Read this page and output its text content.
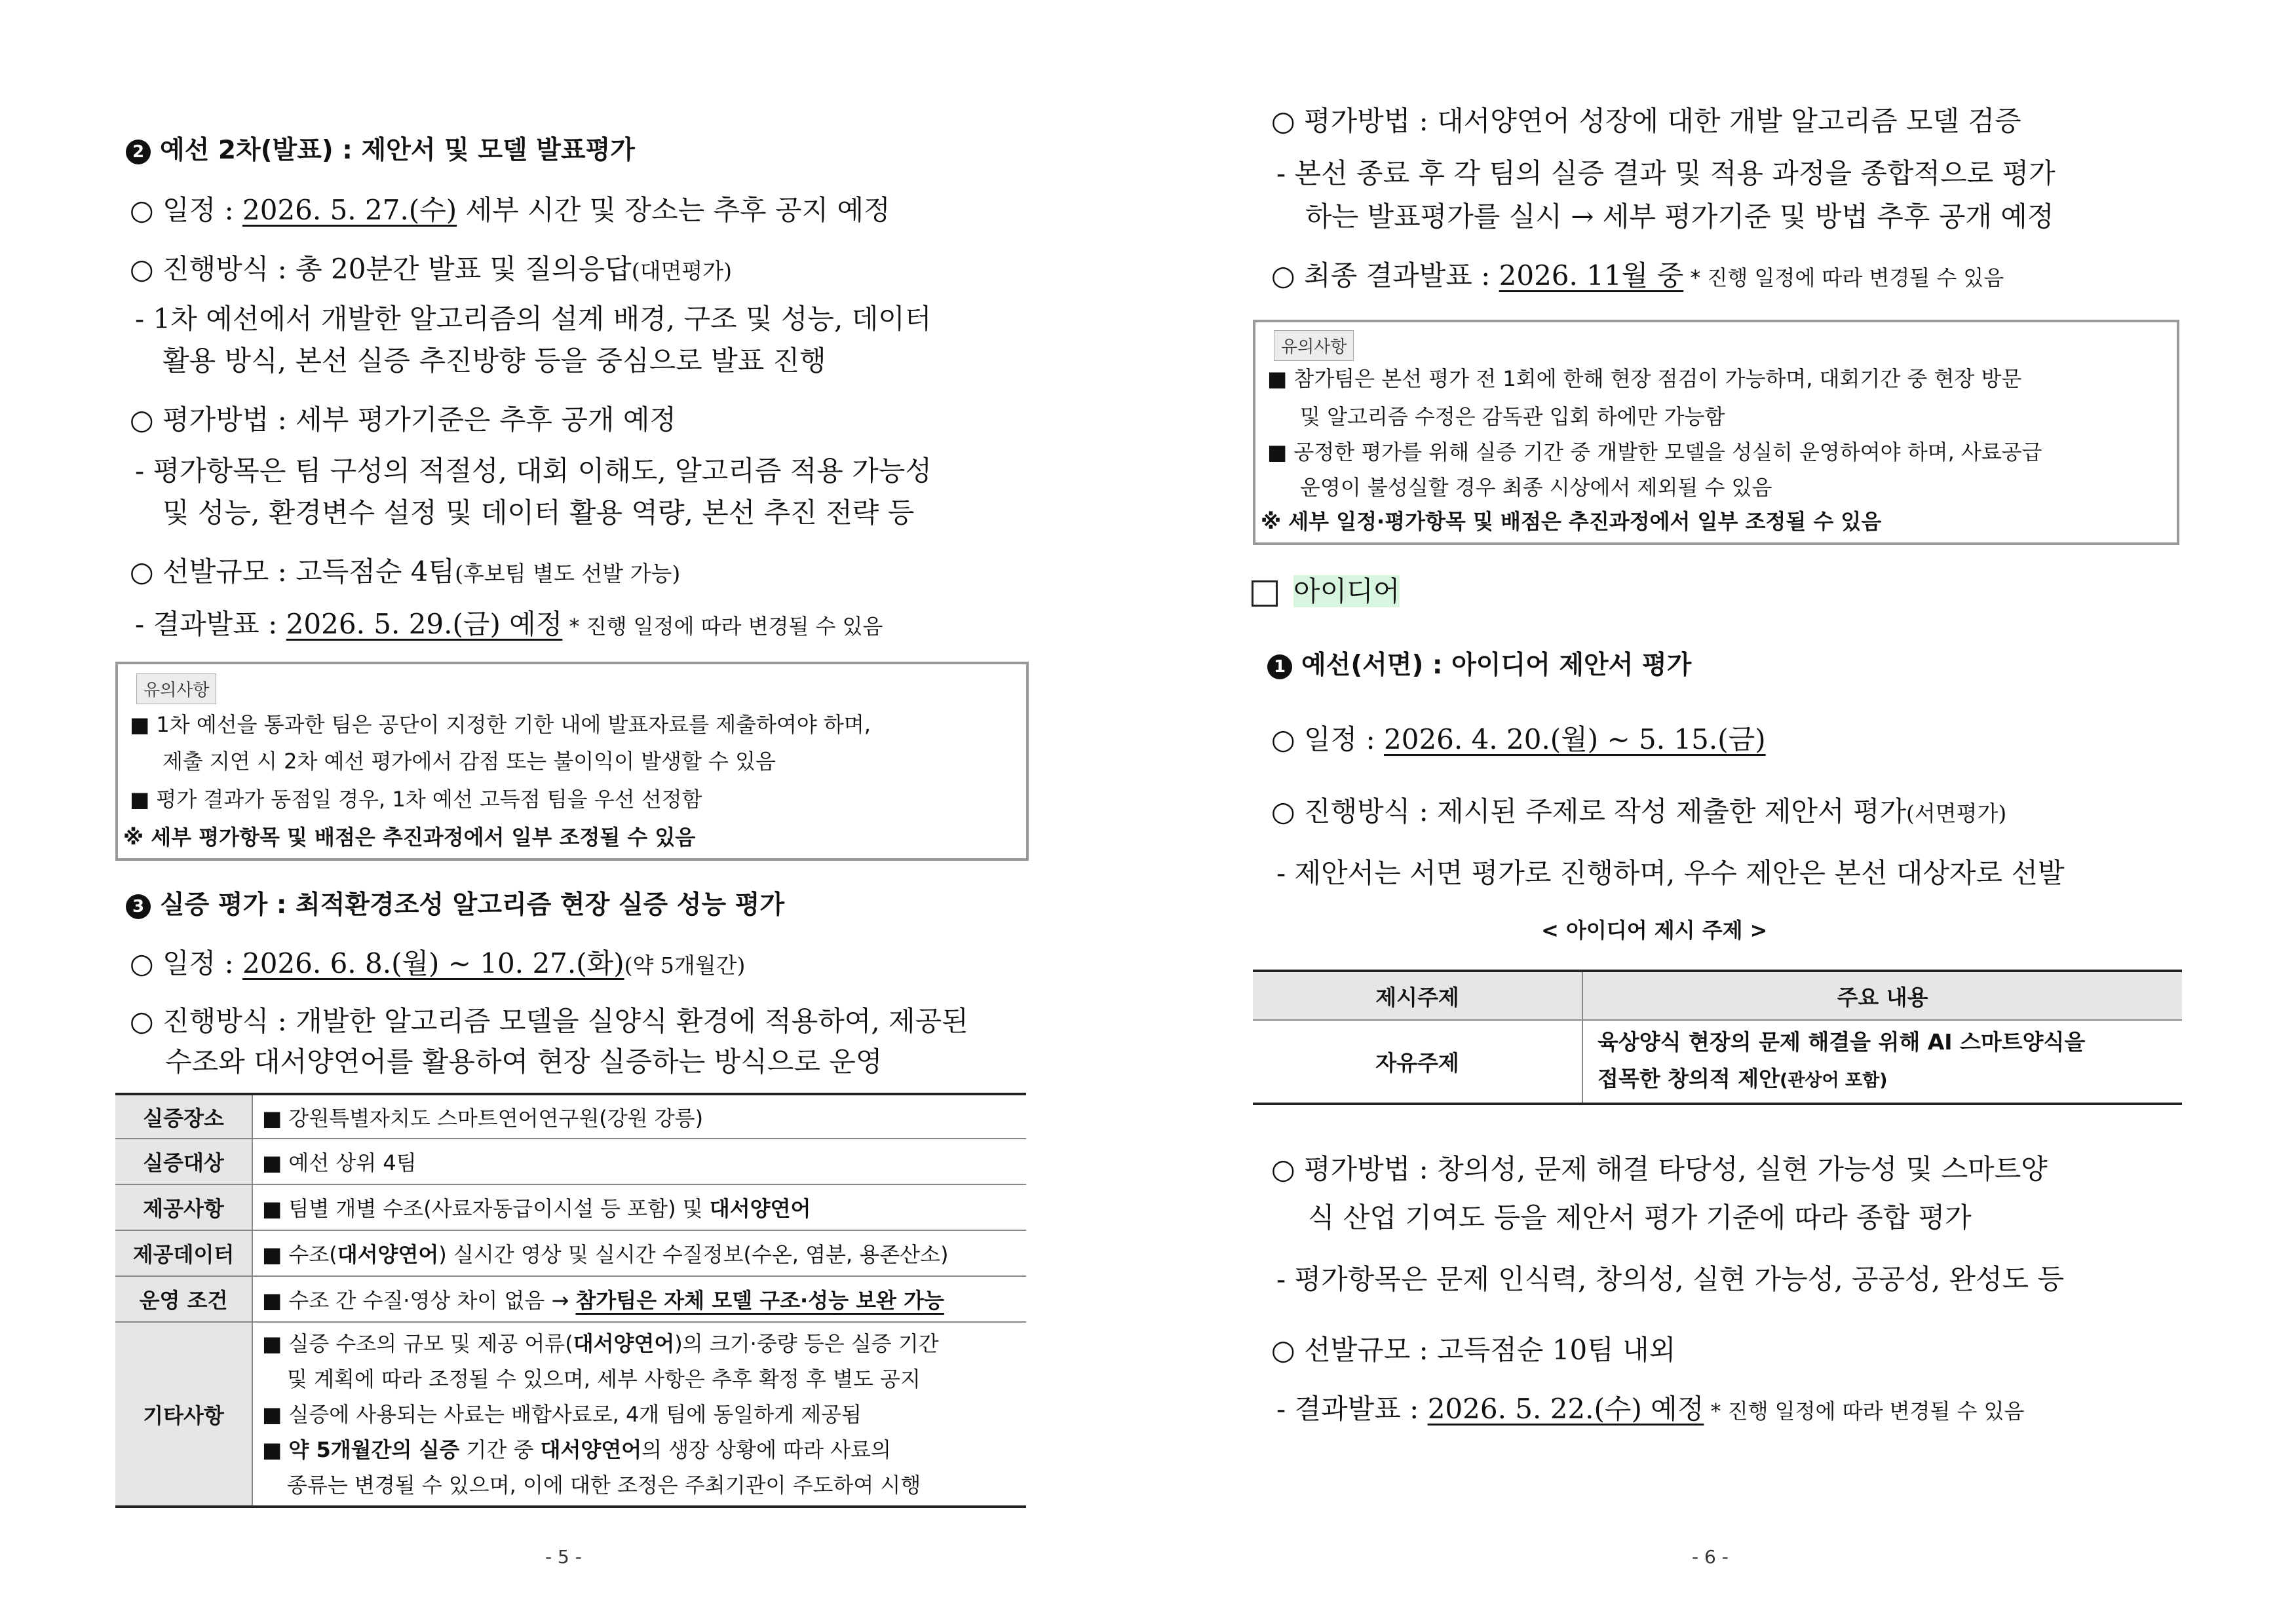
2 예선 2차(발표) : 제안서 및 모델 발표평가
○ 일정 : 2026. 5. 27.(수) 세부 시간 및 장소는 추후 공지 예정
○ 진행방식 : 총 20분간 발표 및 질의응답(대면평가)
- 1차 예선에서 개발한 알고리즘의 설계 배경, 구조 및 성능, 데이터
활용 방식, 본선 실증 추진방향 등을 중심으로 발표 진행
○ 평가방법 : 세부 평가기준은 추후 공개 예정
- 평가항목은 팀 구성의 적절성, 대회 이해도, 알고리즘 적용 가능성
및 성능, 환경변수 설정 및 데이터 활용 역량, 본선 추진 전략 등
○ 선발규모 : 고득점순 4팀(후보팀 별도 선발 가능)
- 결과발표 : 2026. 5. 29.(금) 예정 * 진행 일정에 따라 변경될 수 있음
유의사항
■ 1차 예선을 통과한 팀은 공단이 지정한 기한 내에 발표자료를 제출하여야 하며,
제출 지연 시 2차 예선 평가에서 감점 또는 불이익이 발생할 수 있음
■ 평가 결과가 동점일 경우, 1차 예선 고득점 팀을 우선 선정함
※ 세부 평가항목 및 배점은 추진과정에서 일부 조정될 수 있음
3 실증 평가 : 최적환경조성 알고리즘 현장 실증 성능 평가
○ 일정 : 2026. 6. 8.(월) ~ 10. 27.(화)(약 5개월간)
○ 진행방식 : 개발한 알고리즘 모델을 실양식 환경에 적용하여, 제공된
수조와 대서양연어를 활용하여 현장 실증하는 방식으로 운영
실증장소	■ 강원특별자치도 스마트연어연구원(강원 강릉)
실증대상	■ 예선 상위 4팀
제공사항	■ 팀별 개별 수조(사료자동급이시설 등 포함) 및 대서양연어
제공데이터	■ 수조(대서양연어) 실시간 영상 및 실시간 수질정보(수온, 염분, 용존산소)
운영 조건	■ 수조 간 수질·영상 차이 없음 → 참가팀은 자체 모델 구조·성능 보완 가능
기타사항	■ 실증 수조의 규모 및 제공 어류(대서양연어)의 크기·중량 등은 실증 기간
및 계획에 따라 조정될 수 있으며, 세부 사항은 추후 확정 후 별도 공지
■ 실증에 사용되는 사료는 배합사료로, 4개 팀에 동일하게 제공됨
■ 약 5개월간의 실증 기간 중 대서양연어의 생장 상황에 따라 사료의
종류는 변경될 수 있으며, 이에 대한 조정은 주최기관이 주도하여 시행
- 5 -
○ 평가방법 : 대서양연어 성장에 대한 개발 알고리즘 모델 검증
- 본선 종료 후 각 팀의 실증 결과 및 적용 과정을 종합적으로 평가
하는 발표평가를 실시 → 세부 평가기준 및 방법 추후 공개 예정
○ 최종 결과발표 : 2026. 11월 중 * 진행 일정에 따라 변경될 수 있음
유의사항
■ 참가팀은 본선 평가 전 1회에 한해 현장 점검이 가능하며, 대회기간 중 현장 방문
및 알고리즘 수정은 감독관 입회 하에만 가능함
■ 공정한 평가를 위해 실증 기간 중 개발한 모델을 성실히 운영하여야 하며, 사료공급
운영이 불성실할 경우 최종 시상에서 제외될 수 있음
※ 세부 일정·평가항목 및 배점은 추진과정에서 일부 조정될 수 있음
아이디어
1 예선(서면) : 아이디어 제안서 평가
○ 일정 : 2026. 4. 20.(월) ~ 5. 15.(금)
○ 진행방식 : 제시된 주제로 작성 제출한 제안서 평가(서면평가)
- 제안서는 서면 평가로 진행하며, 우수 제안은 본선 대상자로 선발
< 아이디어 제시 주제 >
제시주제	주요 내용
자유주제	육상양식 현장의 문제 해결을 위해 AI 스마트양식을
접목한 창의적 제안(관상어 포함)
○ 평가방법 : 창의성, 문제 해결 타당성, 실현 가능성 및 스마트양
식 산업 기여도 등을 제안서 평가 기준에 따라 종합 평가
- 평가항목은 문제 인식력, 창의성, 실현 가능성, 공공성, 완성도 등
○ 선발규모 : 고득점순 10팀 내외
- 결과발표 : 2026. 5. 22.(수) 예정 * 진행 일정에 따라 변경될 수 있음
- 6 -
